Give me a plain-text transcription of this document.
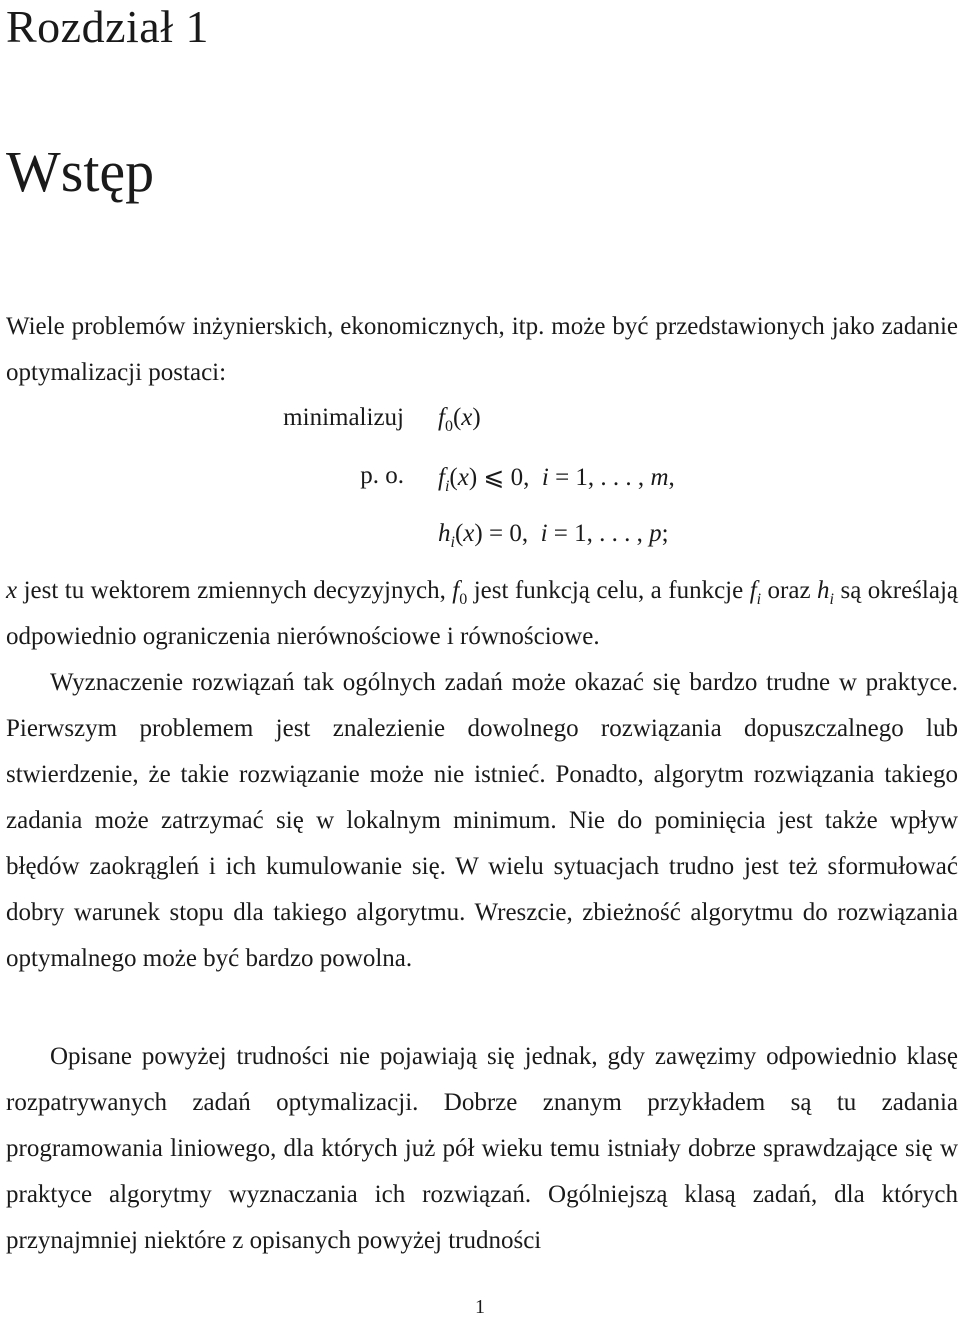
Rozdział 1
Wstęp

Wiele problemów inżynierskich, ekonomicznych, itp. może być przedstawionych jako zadanie optymalizacji postaci:

minimalizuj $f_0(x)$
p. o. $f_i(x)$ ⩽ 0,  i = 1, . . . , m,
$h_i(x) = 0$,  i = 1, . . . , p;

x jest tu wektorem zmiennych decyzyjnych, $f_0$ jest funkcją celu, a funkcje $f_i$ oraz $h_i$ są określają odpowiednio ograniczenia nierównościowe i równościowe.
Wyznaczenie rozwiązań tak ogólnych zadań może okazać się bardzo trudne w praktyce. Pierwszym problemem jest znalezienie dowolnego rozwiązania dopuszczalnego lub stwierdzenie, że takie rozwiązanie może nie istnieć. Ponadto, algorytm rozwiązania takiego zadania może zatrzymać się w lokalnym minimum. Nie do pominięcia jest także wpływ błędów zaokrągleń i ich kumulowanie się. W wielu sytuacjach trudno jest też sformułować dobry warunek stopu dla takiego algorytmu. Wreszcie, zbieżność algorytmu do rozwiązania optymalnego może być bardzo powolna.

Opisane powyżej trudności nie pojawiają się jednak, gdy zawęzimy odpowiednio klasę rozpatrywanych zadań optymalizacji. Dobrze znanym przykładem są tu zadania programowania liniowego, dla których już pół wieku temu istniały dobrze sprawdzające się w praktyce algorytmy wyznaczania ich rozwiązań. Ogólniejszą klasą zadań, dla których przynajmniej niektóre z opisanych powyżej trudności

1
